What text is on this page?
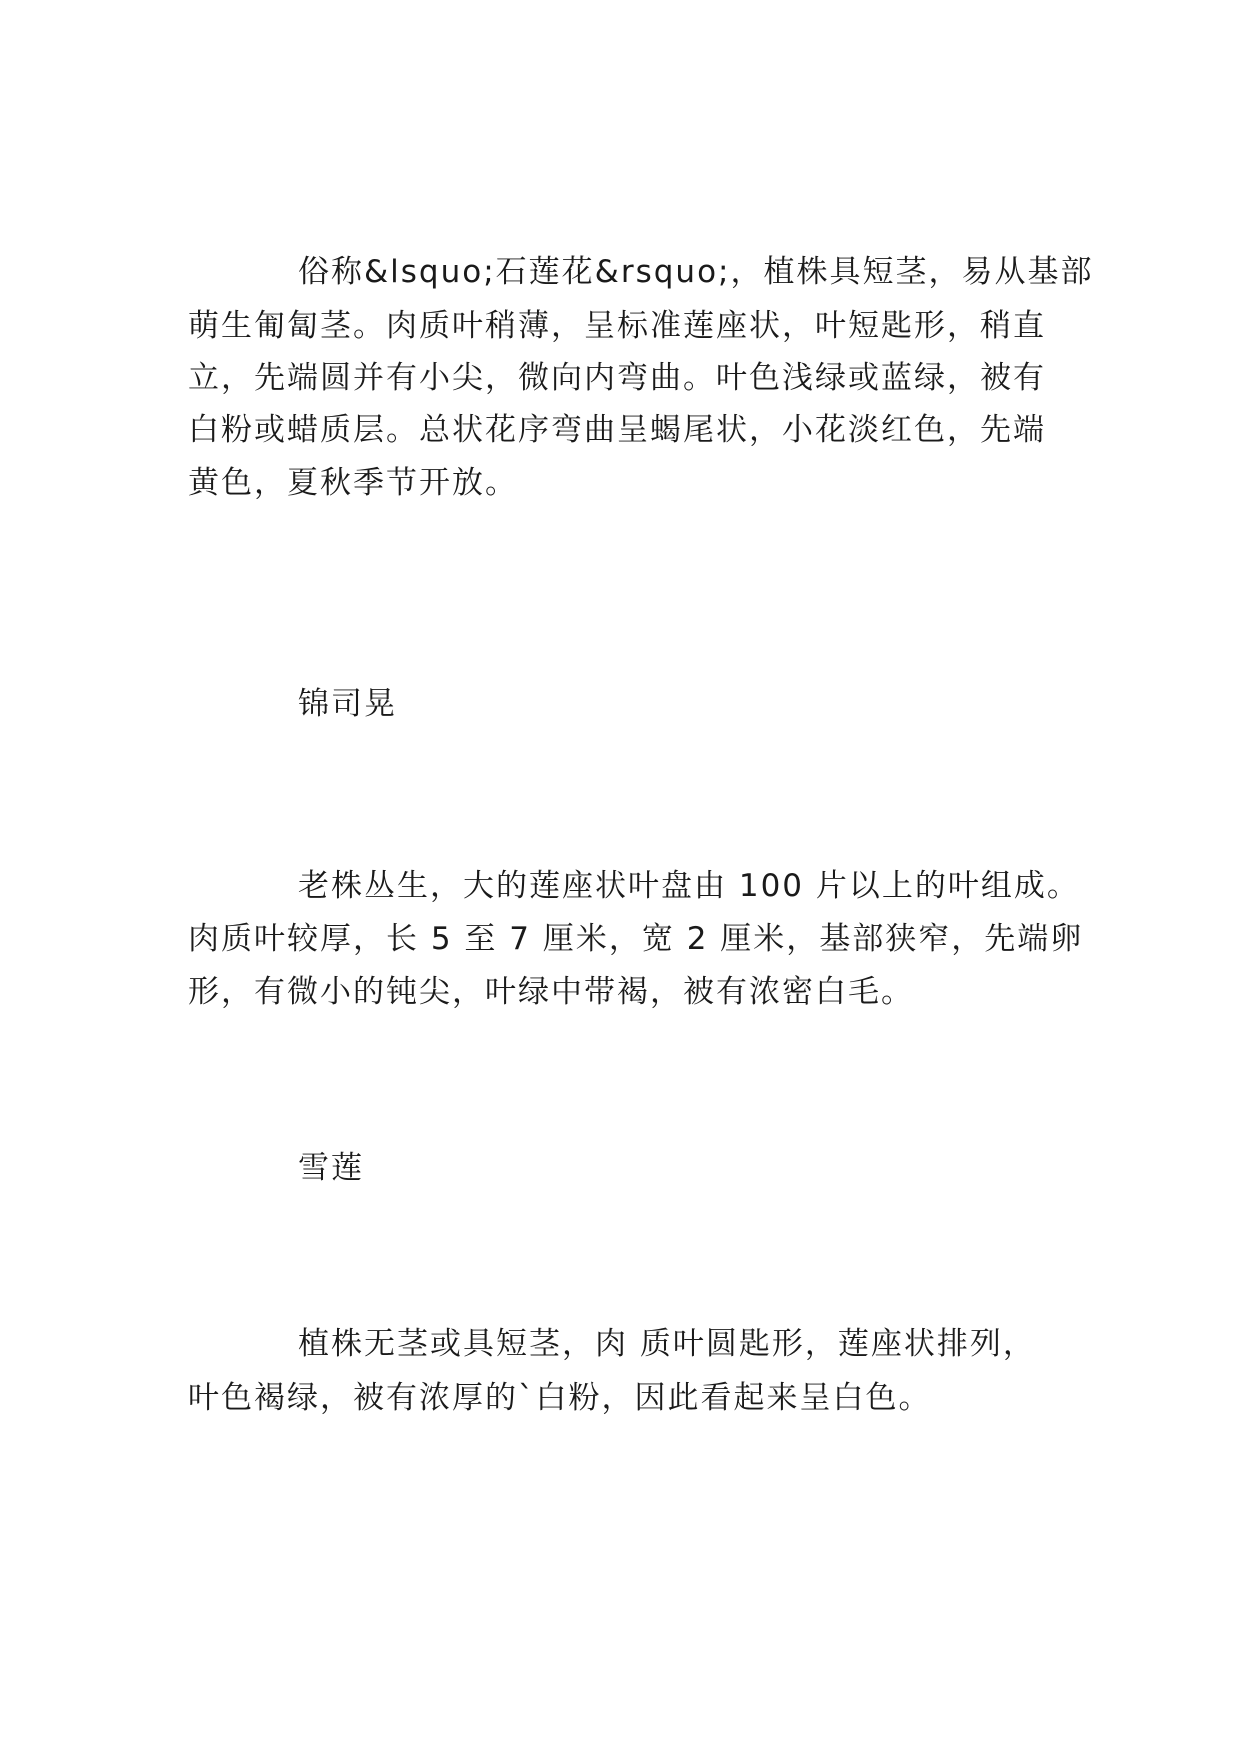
俗称&lsquo;石莲花&rsquo;，植株具短茎，易从基部

萌生匍匐茎。肉质叶稍薄，呈标准莲座状，叶短匙形，稍直

立，先端圆并有小尖，微向内弯曲。叶色浅绿或蓝绿，被有

白粉或蜡质层。总状花序弯曲呈蝎尾状，小花淡红色，先端

黄色，夏秋季节开放。

锦司晃

老株丛生，大的莲座状叶盘由 100 片以上的叶组成。

肉质叶较厚，长 5 至 7 厘米，宽 2 厘米，基部狭窄，先端卵

形，有微小的钝尖，叶绿中带褐，被有浓密白毛。

雪莲

植株无茎或具短茎，肉 质叶圆匙形，莲座状排列，

叶色褐绿，被有浓厚的`白粉，因此看起来呈白色。
